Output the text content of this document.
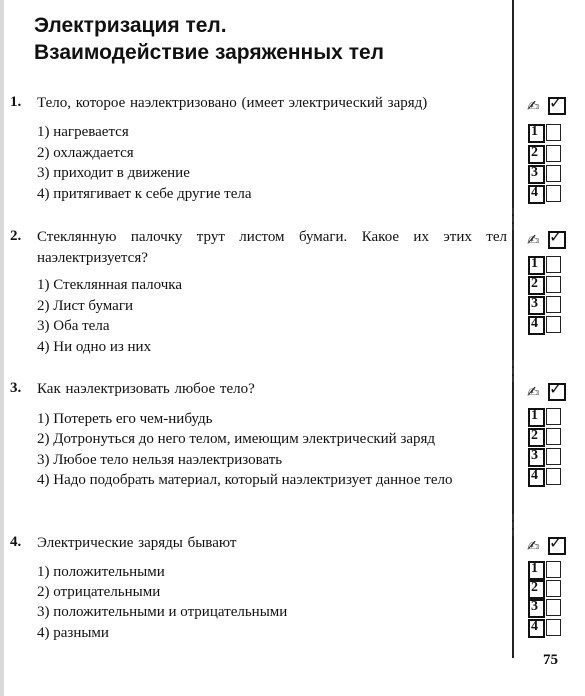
Электризация тел.
Взаимодействие заряженных тел
1. Тело, которое наэлектризовано (имеет электрический заряд)	✍ ✓
1) нагревается
2) охлаждается
3) приходит в движение
4) притягивает к себе другие тела
1
2
3
4
2. Стеклянную палочку трут листом бумаги. Какое их этих тел наэлектризуется?
✍ ✓
1) Стеклянная палочка
2) Лист бумаги
3) Оба тела
4) Ни одно из них
1
2
3
4
3. Как наэлектризовать любое тело?	✍ ✓
1) Потереть его чем-нибудь
2) Дотронуться до него телом, имеющим электрический заряд
3) Любое тело нельзя наэлектризовать
4) Надо подобрать материал, который наэлектризует данное тело
1
2
3
4
4. Электрические заряды бывают	✍ ✓
1) положительными
2) отрицательными
3) положительными и отрицательными
4) разными
1
2
3
4
75
